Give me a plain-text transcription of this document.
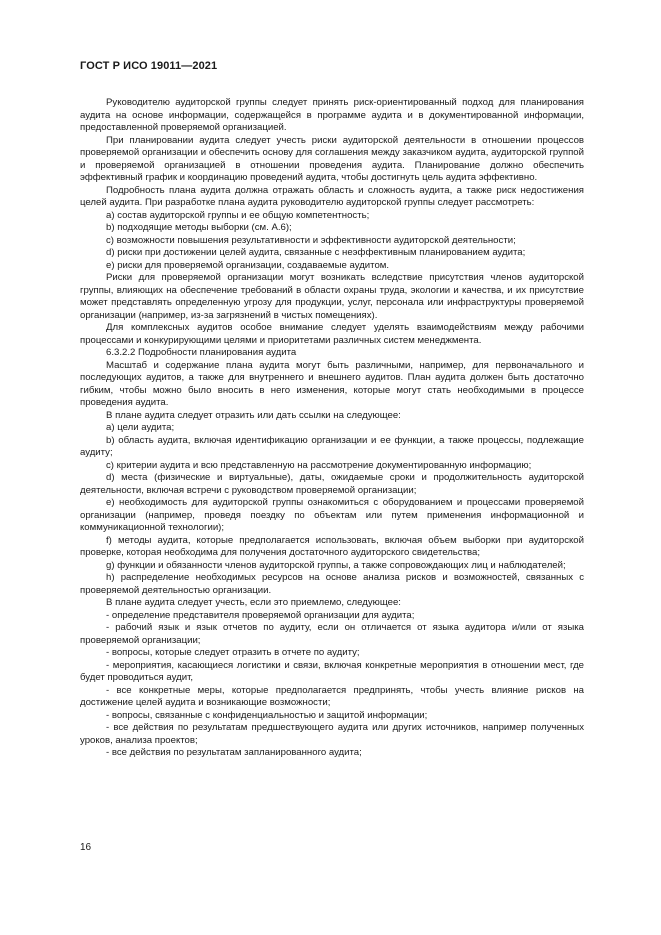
ГОСТ Р ИСО 19011—2021

Руководителю аудиторской группы следует принять риск-ориентированный подход для планирования аудита на основе информации, содержащейся в программе аудита и в документированной информации, предоставленной проверяемой организацией.

При планировании аудита следует учесть риски аудиторской деятельности в отношении процессов проверяемой организации и обеспечить основу для соглашения между заказчиком аудита, аудиторской группой и проверяемой организацией в отношении проведения аудита. Планирование должно обеспечить эффективный график и координацию проведений аудита, чтобы достигнуть цель аудита эффективно.

Подробность плана аудита должна отражать область и сложность аудита, а также риск недостижения целей аудита. При разработке плана аудита руководителю аудиторской группы следует рассмотреть:

a) состав аудиторской группы и ее общую компетентность;

b) подходящие методы выборки (см. А.6);

c) возможности повышения результативности и эффективности аудиторской деятельности;

d) риски при достижении целей аудита, связанные с неэффективным планированием аудита;

e) риски для проверяемой организации, создаваемые аудитом.

Риски для проверяемой организации могут возникать вследствие присутствия членов аудиторской группы, влияющих на обеспечение требований в области охраны труда, экологии и качества, и их присутствие может представлять определенную угрозу для продукции, услуг, персонала или инфраструктуры проверяемой организации (например, из-за загрязнений в чистых помещениях).

Для комплексных аудитов особое внимание следует уделять взаимодействиям между рабочими процессами и конкурирующими целями и приоритетами различных систем менеджмента.

6.3.2.2 Подробности планирования аудита

Масштаб и содержание плана аудита могут быть различными, например, для первоначального и последующих аудитов, а также для внутреннего и внешнего аудитов. План аудита должен быть достаточно гибким, чтобы можно было вносить в него изменения, которые могут стать необходимыми в процессе проведения аудита.

В плане аудита следует отразить или дать ссылки на следующее:

a) цели аудита;

b) область аудита, включая идентификацию организации и ее функции, а также процессы, подлежащие аудиту;

c) критерии аудита и всю представленную на рассмотрение документированную информацию;

d) места (физические и виртуальные), даты, ожидаемые сроки и продолжительность аудиторской деятельности, включая встречи с руководством проверяемой организации;

e) необходимость для аудиторской группы ознакомиться с оборудованием и процессами проверяемой организации (например, проведя поездку по объектам или путем применения информационной и коммуникационной технологии);

f) методы аудита, которые предполагается использовать, включая объем выборки при аудиторской проверке, которая необходима для получения достаточного аудиторского свидетельства;

g) функции и обязанности членов аудиторской группы, а также сопровождающих лиц и наблюдателей;

h) распределение необходимых ресурсов на основе анализа рисков и возможностей, связанных с проверяемой деятельностью организации.

В плане аудита следует учесть, если это приемлемо, следующее:

- определение представителя проверяемой организации для аудита;

- рабочий язык и язык отчетов по аудиту, если он отличается от языка аудитора и/или от языка проверяемой организации;

- вопросы, которые следует отразить в отчете по аудиту;

- мероприятия, касающиеся логистики и связи, включая конкретные мероприятия в отношении мест, где будет проводиться аудит,

- все конкретные меры, которые предполагается предпринять, чтобы учесть влияние рисков на достижение целей аудита и возникающие возможности;

- вопросы, связанные с конфиденциальностью и защитой информации;

- все действия по результатам предшествующего аудита или других источников, например полученных уроков, анализа проектов;

- все действия по результатам запланированного аудита;

16
